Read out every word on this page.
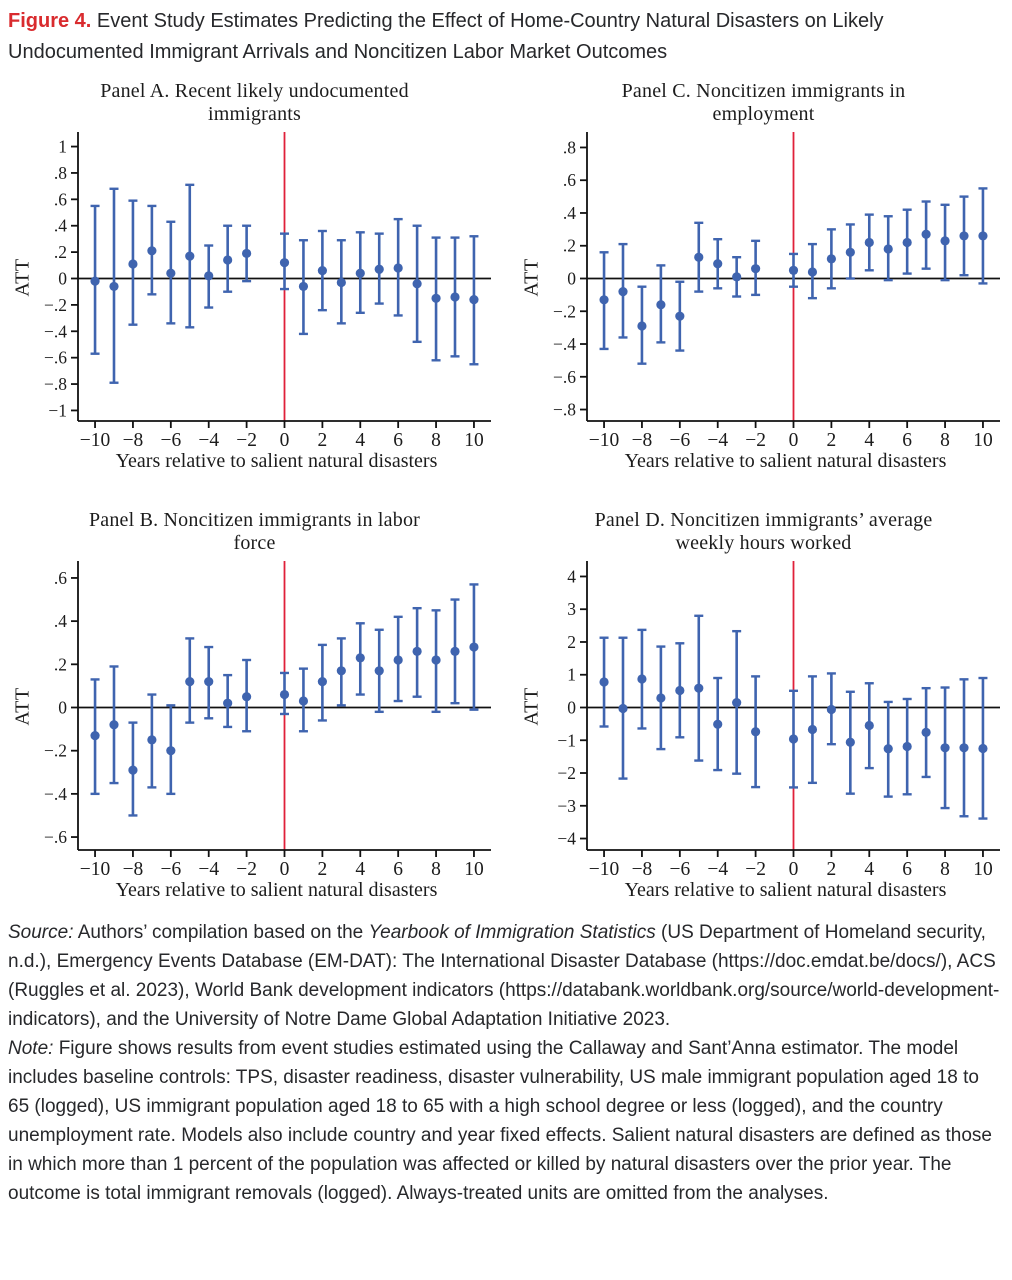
Figure 4. Event Study Estimates Predicting the Effect of Home-Country Natural Disasters on Likely Undocumented Immigrant Arrivals and Noncitizen Labor Market Outcomes
Panel A. Recent likely undocumented immigrants
ATT
1
.8
.6
.4
.2
0
−.2
−.4
−.6
−.8
−1
−10 −8 −6 −4 −2 0 2 4 6 8 10
Years relative to salient natural disasters
Panel C. Noncitizen immigrants in employment
ATT
.8
.6
.4
.2
0
−.2
−.4
−.6
−.8
−10 −8 −6 −4 −2 0 2 4 6 8 10
Years relative to salient natural disasters
Panel B. Noncitizen immigrants in labor force
ATT
.6
.4
.2
0
−.2
−.4
−.6
−10 −8 −6 −4 −2 0 2 4 6 8 10
Years relative to salient natural disasters
Panel D. Noncitizen immigrants’ average weekly hours worked
ATT
4
3
2
1
0
−1
−2
−3
−4
−10 −8 −6 −4 −2 0 2 4 6 8 10
Years relative to salient natural disasters

Source: Authors’ compilation based on the Yearbook of Immigration Statistics (US Department of Homeland security, n.d.), Emergency Events Database (EM-DAT): The International Disaster Database (https://doc.emdat.be/docs/), ACS (Ruggles et al. 2023), World Bank development indicators (https://databank.worldbank.org/source/world-development-indicators), and the University of Notre Dame Global Adaptation Initiative 2023.

Note: Figure shows results from event studies estimated using the Callaway and Sant’Anna estimator. The model includes baseline controls: TPS, disaster readiness, disaster vulnerability, US male immigrant population aged 18 to 65 (logged), US immigrant population aged 18 to 65 with a high school degree or less (logged), and the country unemployment rate. Models also include country and year fixed effects. Salient natural disasters are defined as those in which more than 1 percent of the population was affected or killed by natural disasters over the prior year. The outcome is total immigrant removals (logged). Always-treated units are omitted from the analyses.
